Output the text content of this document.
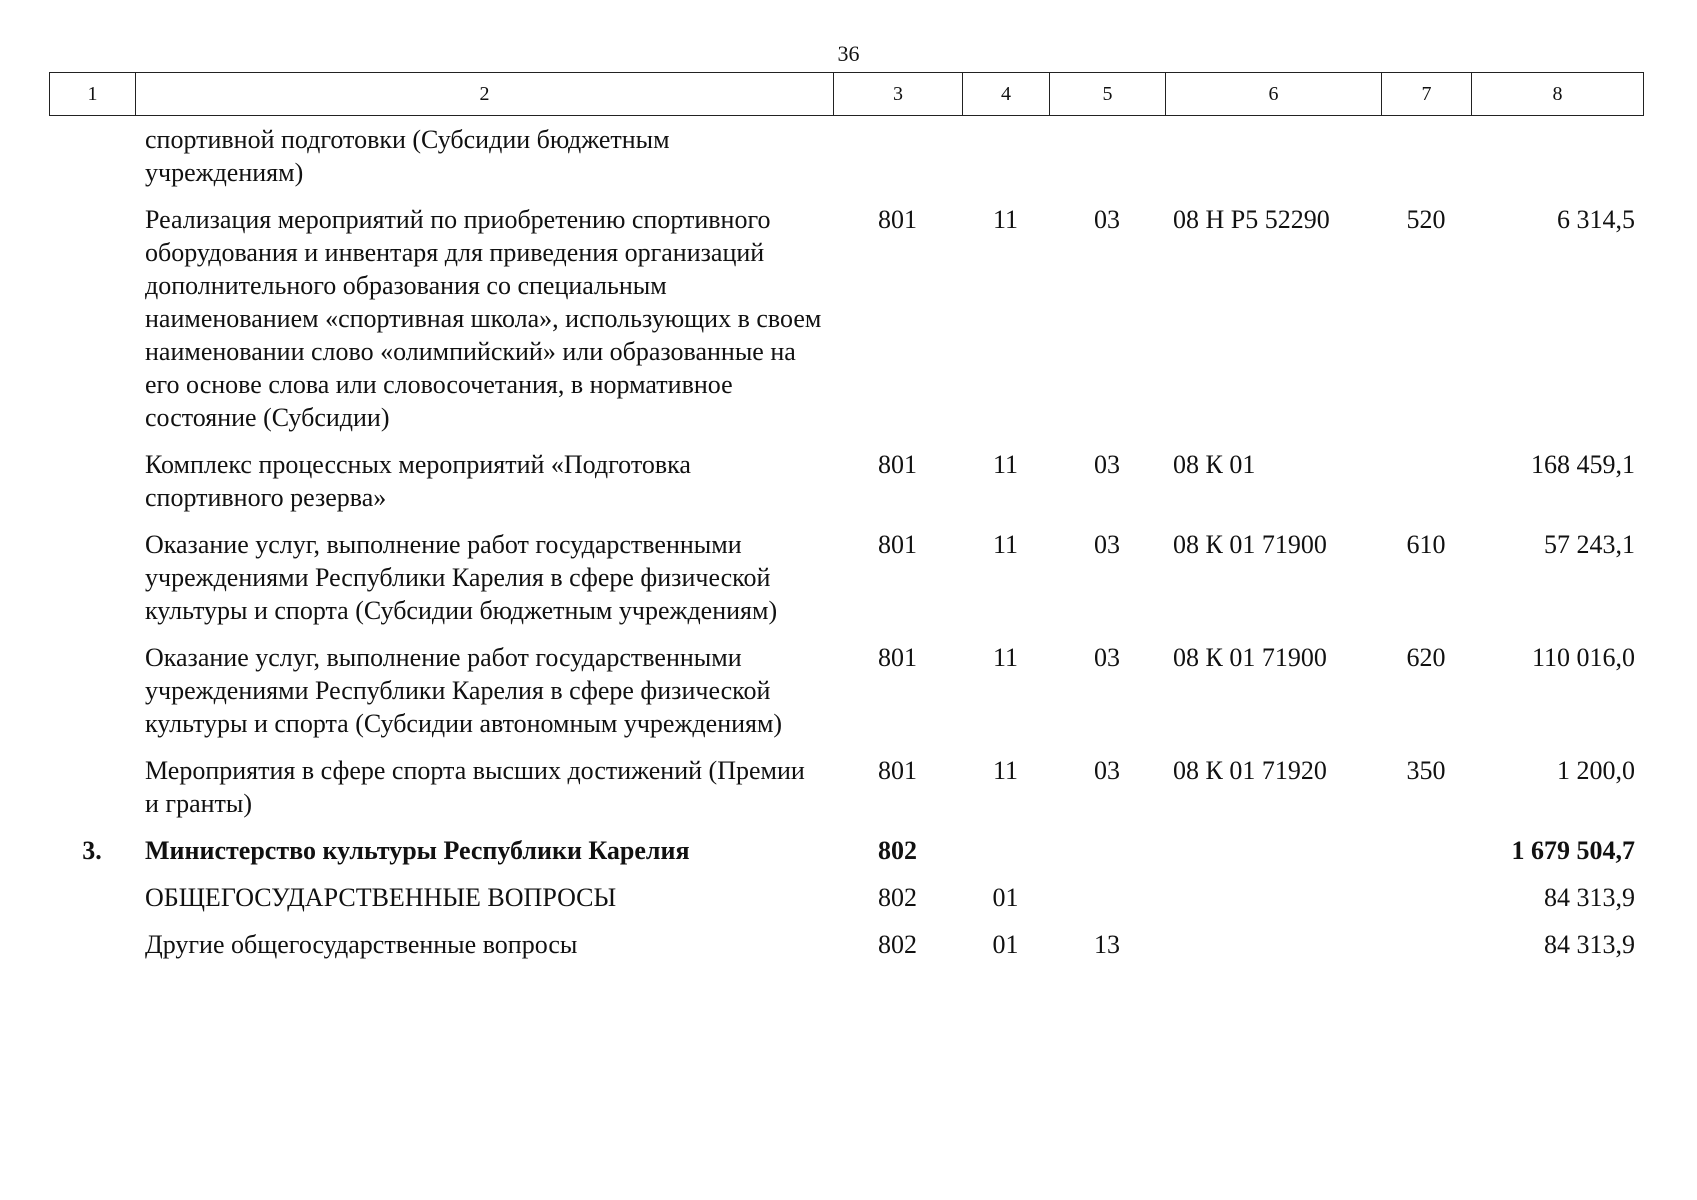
36
1	2	3	4	5	6	7	8
	спортивной подготовки (Субсидии бюджетным учреждениям)						
	Реализация мероприятий по приобретению спортивного оборудования и инвентаря для приведения организаций дополнительного образования со специальным наименованием «спортивная школа», использующих в своем наименовании слово «олимпийский» или образованные на его основе слова или словосочетания, в нормативное состояние (Субсидии)	801	11	03	08 Н Р5 52290	520	6 314,5
	Комплекс процессных мероприятий «Подготовка спортивного резерва»	801	11	03	08 К 01		168 459,1
	Оказание услуг, выполнение работ государственными учреждениями Республики Карелия в сфере физической культуры и спорта (Субсидии бюджетным учреждениям)	801	11	03	08 К 01 71900	610	57 243,1
	Оказание услуг, выполнение работ государственными учреждениями Республики Карелия в сфере физической культуры и спорта (Субсидии автономным учреждениям)	801	11	03	08 К 01 71900	620	110 016,0
	Мероприятия в сфере спорта высших достижений (Премии и гранты)	801	11	03	08 К 01 71920	350	1 200,0
3.	Министерство культуры Республики Карелия	802					1 679 504,7
	ОБЩЕГОСУДАРСТВЕННЫЕ ВОПРОСЫ	802	01				84 313,9
	Другие общегосударственные вопросы	802	01	13			84 313,9
